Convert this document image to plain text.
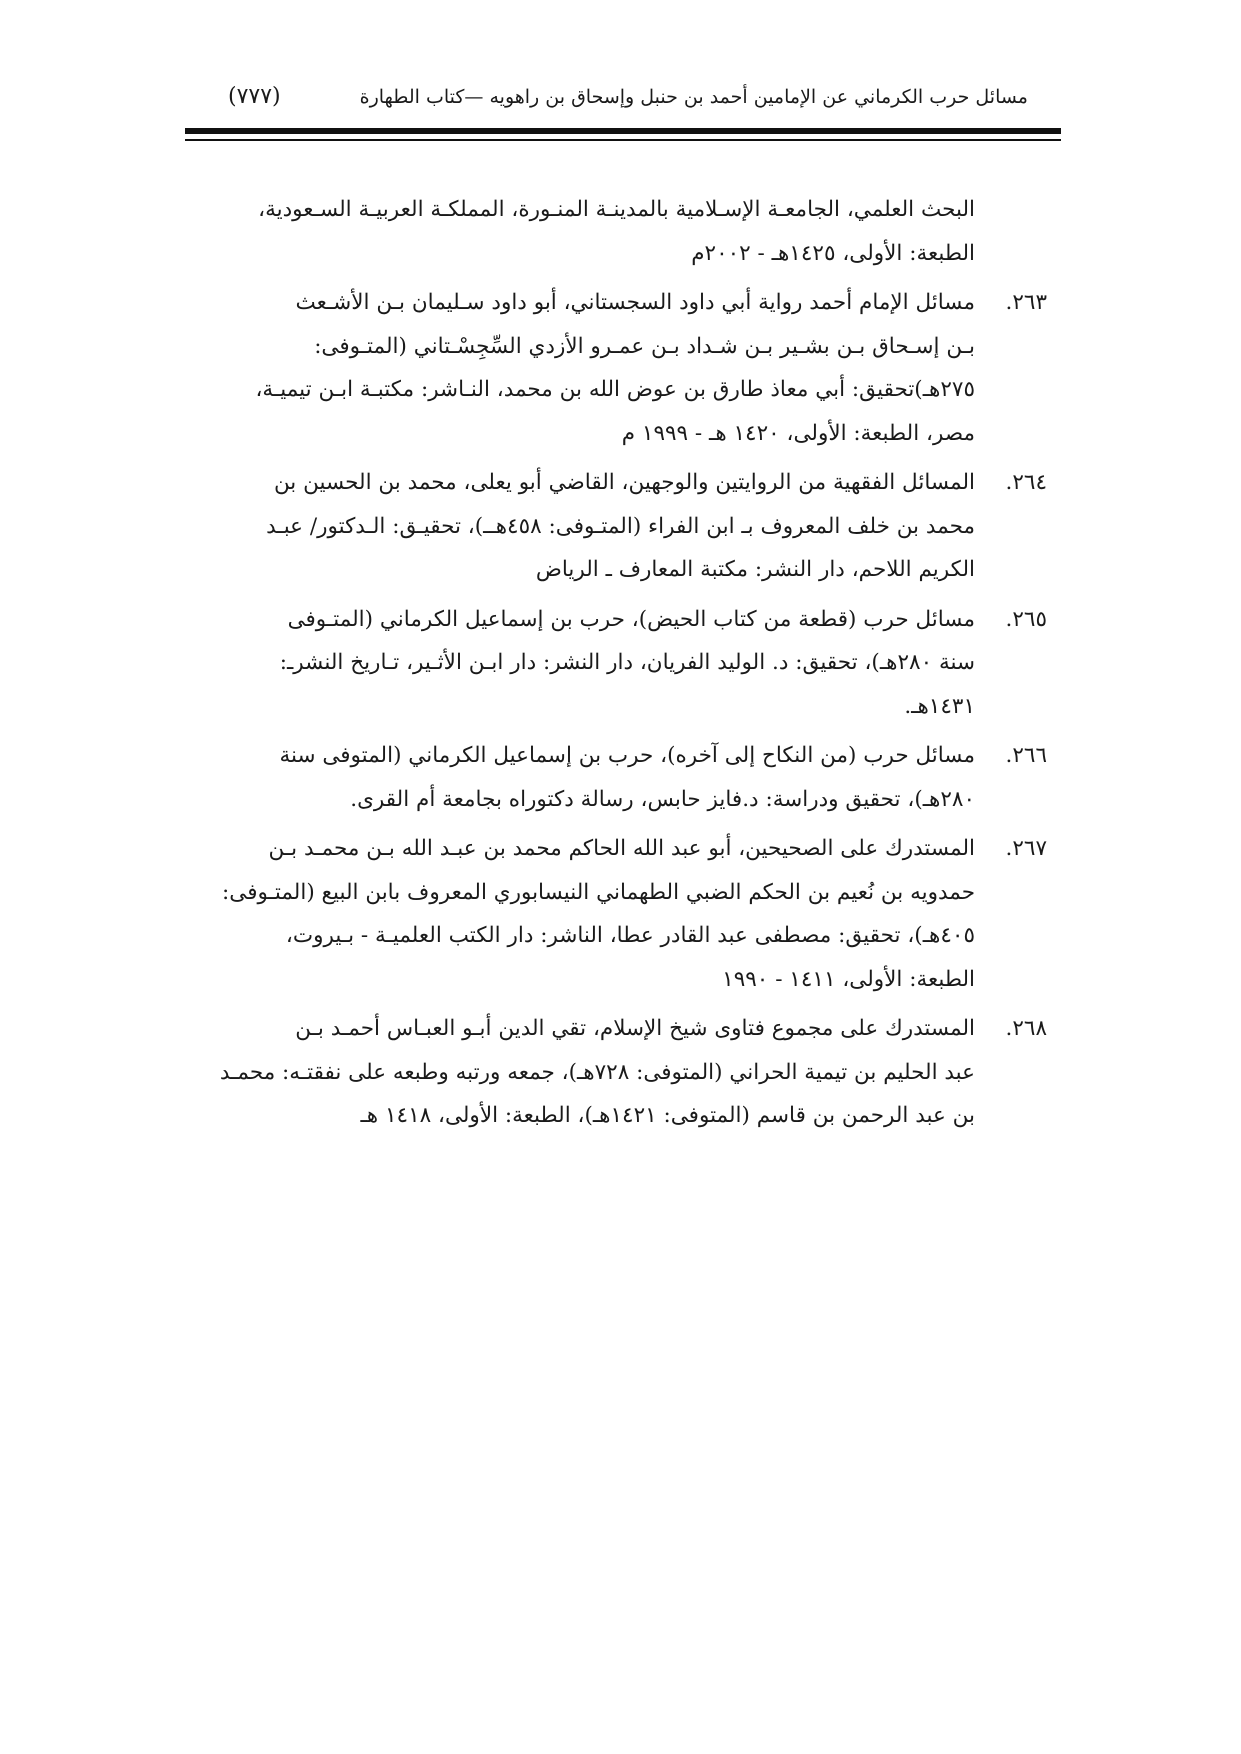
مسائل حرب الكرماني عن الإمامين أحمد بن حنبل وإسحاق بن راهويه —كتاب الطهارة
(٧٧٧)
البحث العلمي، الجامعـة الإسـلامية بالمدينـة المنـورة، المملكـة العربيـة السـعودية،
الطبعة: الأولى، ١٤٢٥هـ - ٢٠٠٢م
٢٦٣.
مسائل الإمام أحمد رواية أبي داود السجستاني، أبو داود سـليمان بـن الأشـعث
بـن إسـحاق بـن بشـير بـن شـداد بـن عمـرو الأزدي السِّجِسْـتاني (المتـوفى:
٢٧٥هـ)تحقيق: أبي معاذ طارق بن عوض الله بن محمد، النـاشر: مكتبـة ابـن تيميـة،
مصر، الطبعة: الأولى، ١٤٢٠ هـ - ١٩٩٩ م
٢٦٤.
المسائل الفقهية من الروايتين والوجهين، القاضي أبو يعلى، محمد بن الحسين بن
محمد بن خلف المعروف بـ ابن الفراء (المتـوفى: ٤٥٨هــ)، تحقيـق: الـدكتور/ عبـد
الكريم اللاحم، دار النشر: مكتبة المعارف ـ الرياض
٢٦٥.
مسائل حرب (قطعة من كتاب الحيض)، حرب بن إسماعيل الكرماني (المتـوفى
سنة ٢٨٠هـ)، تحقيق: د. الوليد الفريان، دار النشر: دار ابـن الأثـير، تـاريخ النشرـ:
١٤٣١هـ.
٢٦٦.
مسائل حرب (من النكاح إلى آخره)، حرب بن إسماعيل الكرماني (المتوفى سنة
٢٨٠هـ)، تحقيق ودراسة: د.فايز حابس، رسالة دكتوراه بجامعة أم القرى.
٢٦٧.
المستدرك على الصحيحين، أبو عبد الله الحاكم محمد بن عبـد الله بـن محمـد بـن
حمدويه بن نُعيم بن الحكم الضبي الطهماني النيسابوري المعروف بابن البيع (المتـوفى:
٤٠٥هـ)، تحقيق: مصطفى عبد القادر عطا، الناشر: دار الكتب العلميـة - بـيروت،
الطبعة: الأولى، ١٤١١ - ١٩٩٠
٢٦٨.
المستدرك على مجموع فتاوى شيخ الإسلام، تقي الدين أبـو العبـاس أحمـد بـن
عبد الحليم بن تيمية الحراني (المتوفى: ٧٢٨هـ)، جمعه ورتبه وطبعه على نفقتـه: محمـد
بن عبد الرحمن بن قاسم (المتوفى: ١٤٢١هـ)، الطبعة: الأولى، ١٤١٨ هـ
